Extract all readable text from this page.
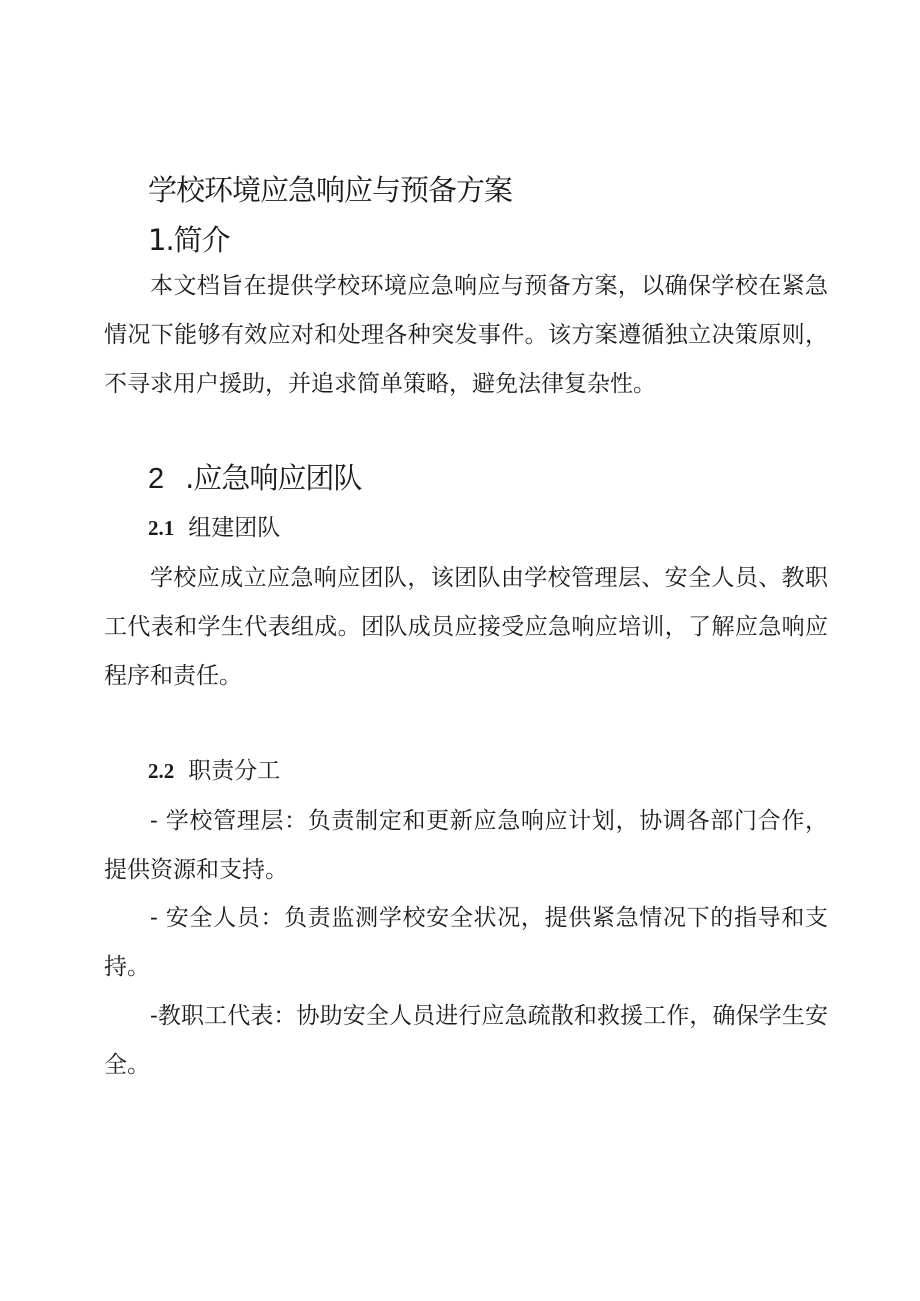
学校环境应急响应与预备方案
1.简介

本文档旨在提供学校环境应急响应与预备方案，以确保学校在紧急情况下能够有效应对和处理各种突发事件。该方案遵循独立决策原则，不寻求用户援助，并追求简单策略，避免法律复杂性。

2 .应急响应团队
2.1 组建团队

学校应成立应急响应团队，该团队由学校管理层、安全人员、教职工代表和学生代表组成。团队成员应接受应急响应培训，了解应急响应程序和责任。

2.2 职责分工

- 学校管理层：负责制定和更新应急响应计划，协调各部门合作，提供资源和支持。

- 安全人员：负责监测学校安全状况，提供紧急情况下的指导和支持。

-教职工代表：协助安全人员进行应急疏散和救援工作，确保学生安全。
